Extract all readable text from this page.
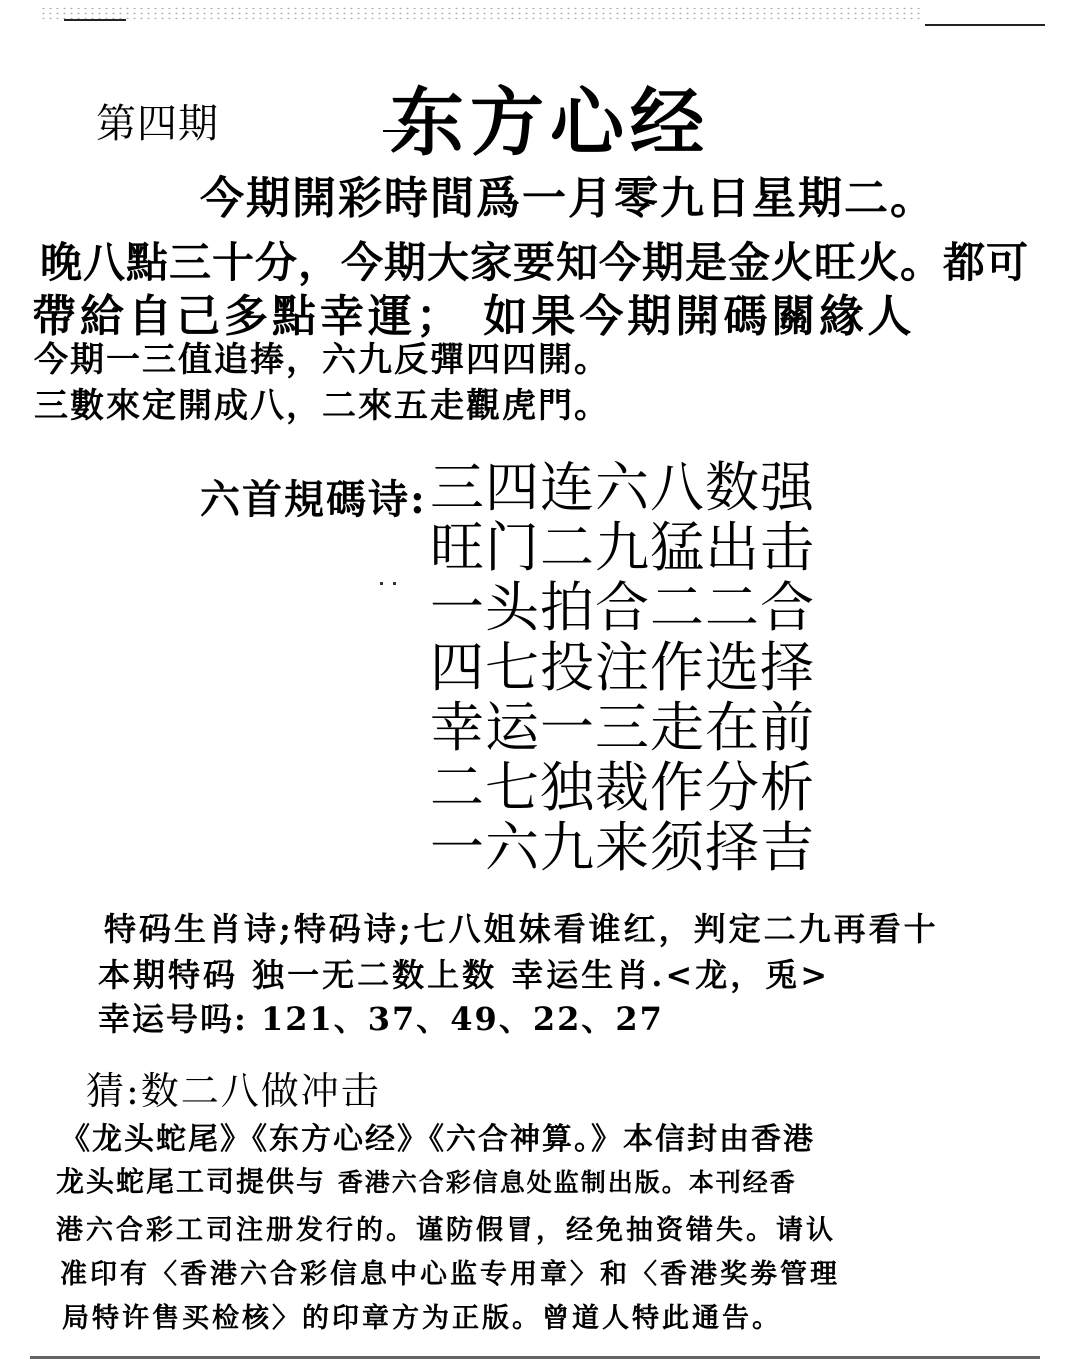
第四期 东方心经
今期開彩時間爲一月零九日星期二。
晚八點三十分，今期大家要知今期是金火旺火。都可
帶給自己多點幸運； 如果今期開碼關緣人
今期一三值追捧，六九反彈四四開。
三數來定開成八，二來五走觀虎門。
六首規碼诗: 三四连六八数强
旺门二九猛出击
一头拍合二二合
四七投注作选择
幸运一三走在前
二七独裁作分析
一六九来须择吉
特码生肖诗;特码诗;七八姐妹看谁红，判定二九再看十
本期特码 独一无二数上数 幸运生肖.<龙，兎>
幸运号吗: 121、37、49、22、27
猜:数二八做冲击
《龙头蛇尾》《东方心经》《六合神算。》本信封由香港
龙头蛇尾工司提供与 香港六合彩信息处监制出版。本刊经香
港六合彩工司注册发行的。谨防假冒，经免抽资错失。请认
准印有〈香港六合彩信息中心监专用章〉和〈香港奖劵管理
局特许售买检核〉的印章方为正版。曾道人特此通告。
